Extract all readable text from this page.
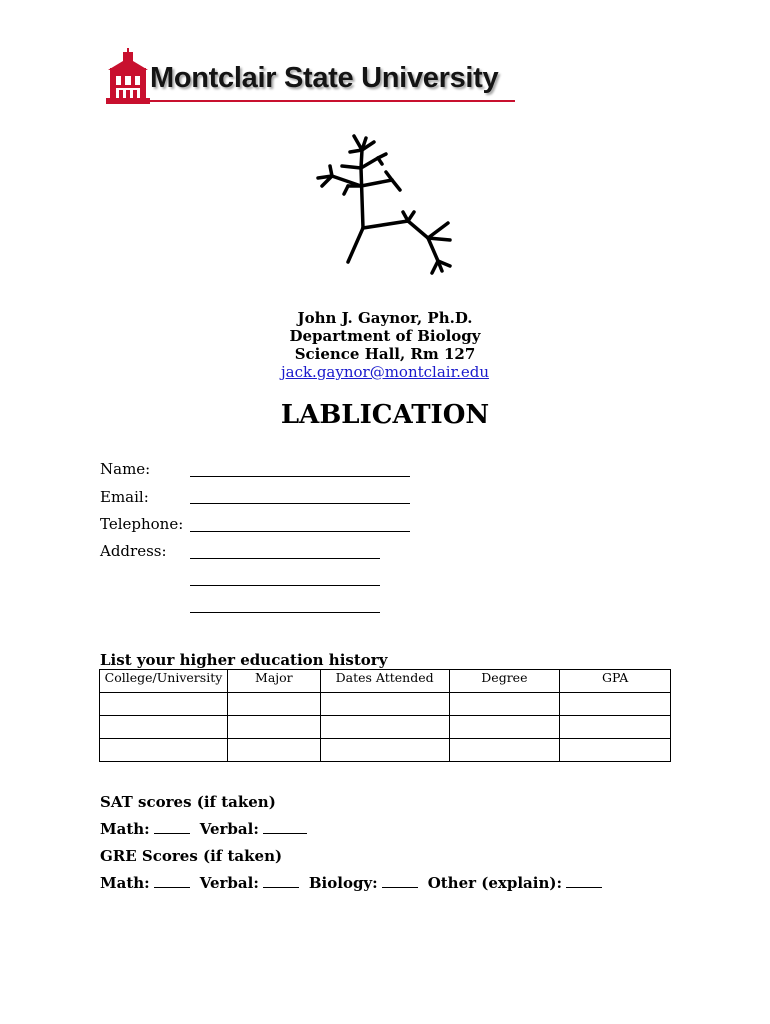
Montclair State University
John J. Gaynor, Ph.D.
Department of Biology
Science Hall, Rm 127
jack.gaynor@montclair.edu
LABLICATION
Name:
Email:
Telephone:
Address:
List your higher education history
College/University	Major	Dates Attended	Degree	GPA

SAT scores (if taken)
Math:	Verbal:
GRE Scores (if taken)
Math:	Verbal:	Biology:	Other (explain):
